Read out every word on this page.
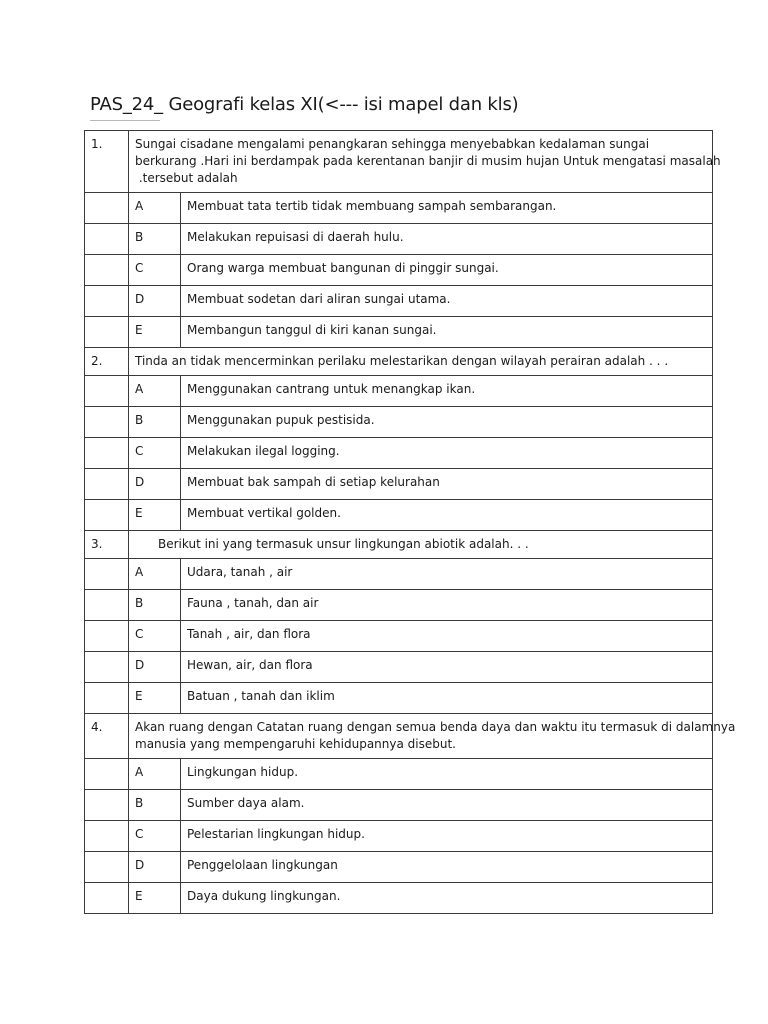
PAS_24_ Geografi kelas XI(<--- isi mapel dan kls)
1.	Sungai cisadane mengalami penangkaran sehingga menyebabkan kedalaman sungai
berkurang .Hari ini berdampak pada kerentanan banjir di musim hujan Untuk mengatasi masalah
.tersebut adalah	

	A	Membuat tata tertib tidak membuang sampah sembarangan.
	B	Melakukan repuisasi di daerah hulu.
	C	Orang warga membuat bangunan di pinggir sungai.
	D	Membuat sodetan dari aliran sungai utama.
	E	Membangun tanggul di kiri kanan sungai.
2.	Tinda an tidak mencerminkan perilaku melestarikan dengan wilayah perairan adalah . . .	

	A	Menggunakan cantrang untuk menangkap ikan.
	B	Menggunakan pupuk pestisida.
	C	Melakukan ilegal logging.
	D	Membuat bak sampah di setiap kelurahan
	E	Membuat vertikal golden.
3.	Berikut ini yang termasuk unsur lingkungan abiotik adalah. . .	

	A	Udara, tanah , air
	B	Fauna , tanah, dan air
	C	Tanah , air, dan flora
	D	Hewan, air, dan flora
	E	Batuan , tanah dan iklim
4.	Akan ruang dengan Catatan ruang dengan semua benda daya dan waktu itu termasuk di dalamnya
manusia yang mempengaruhi kehidupannya disebut.	

	A	Lingkungan hidup.
	B	Sumber daya alam.
	C	Pelestarian lingkungan hidup.
	D	Penggelolaan lingkungan
	E	Daya dukung lingkungan.
